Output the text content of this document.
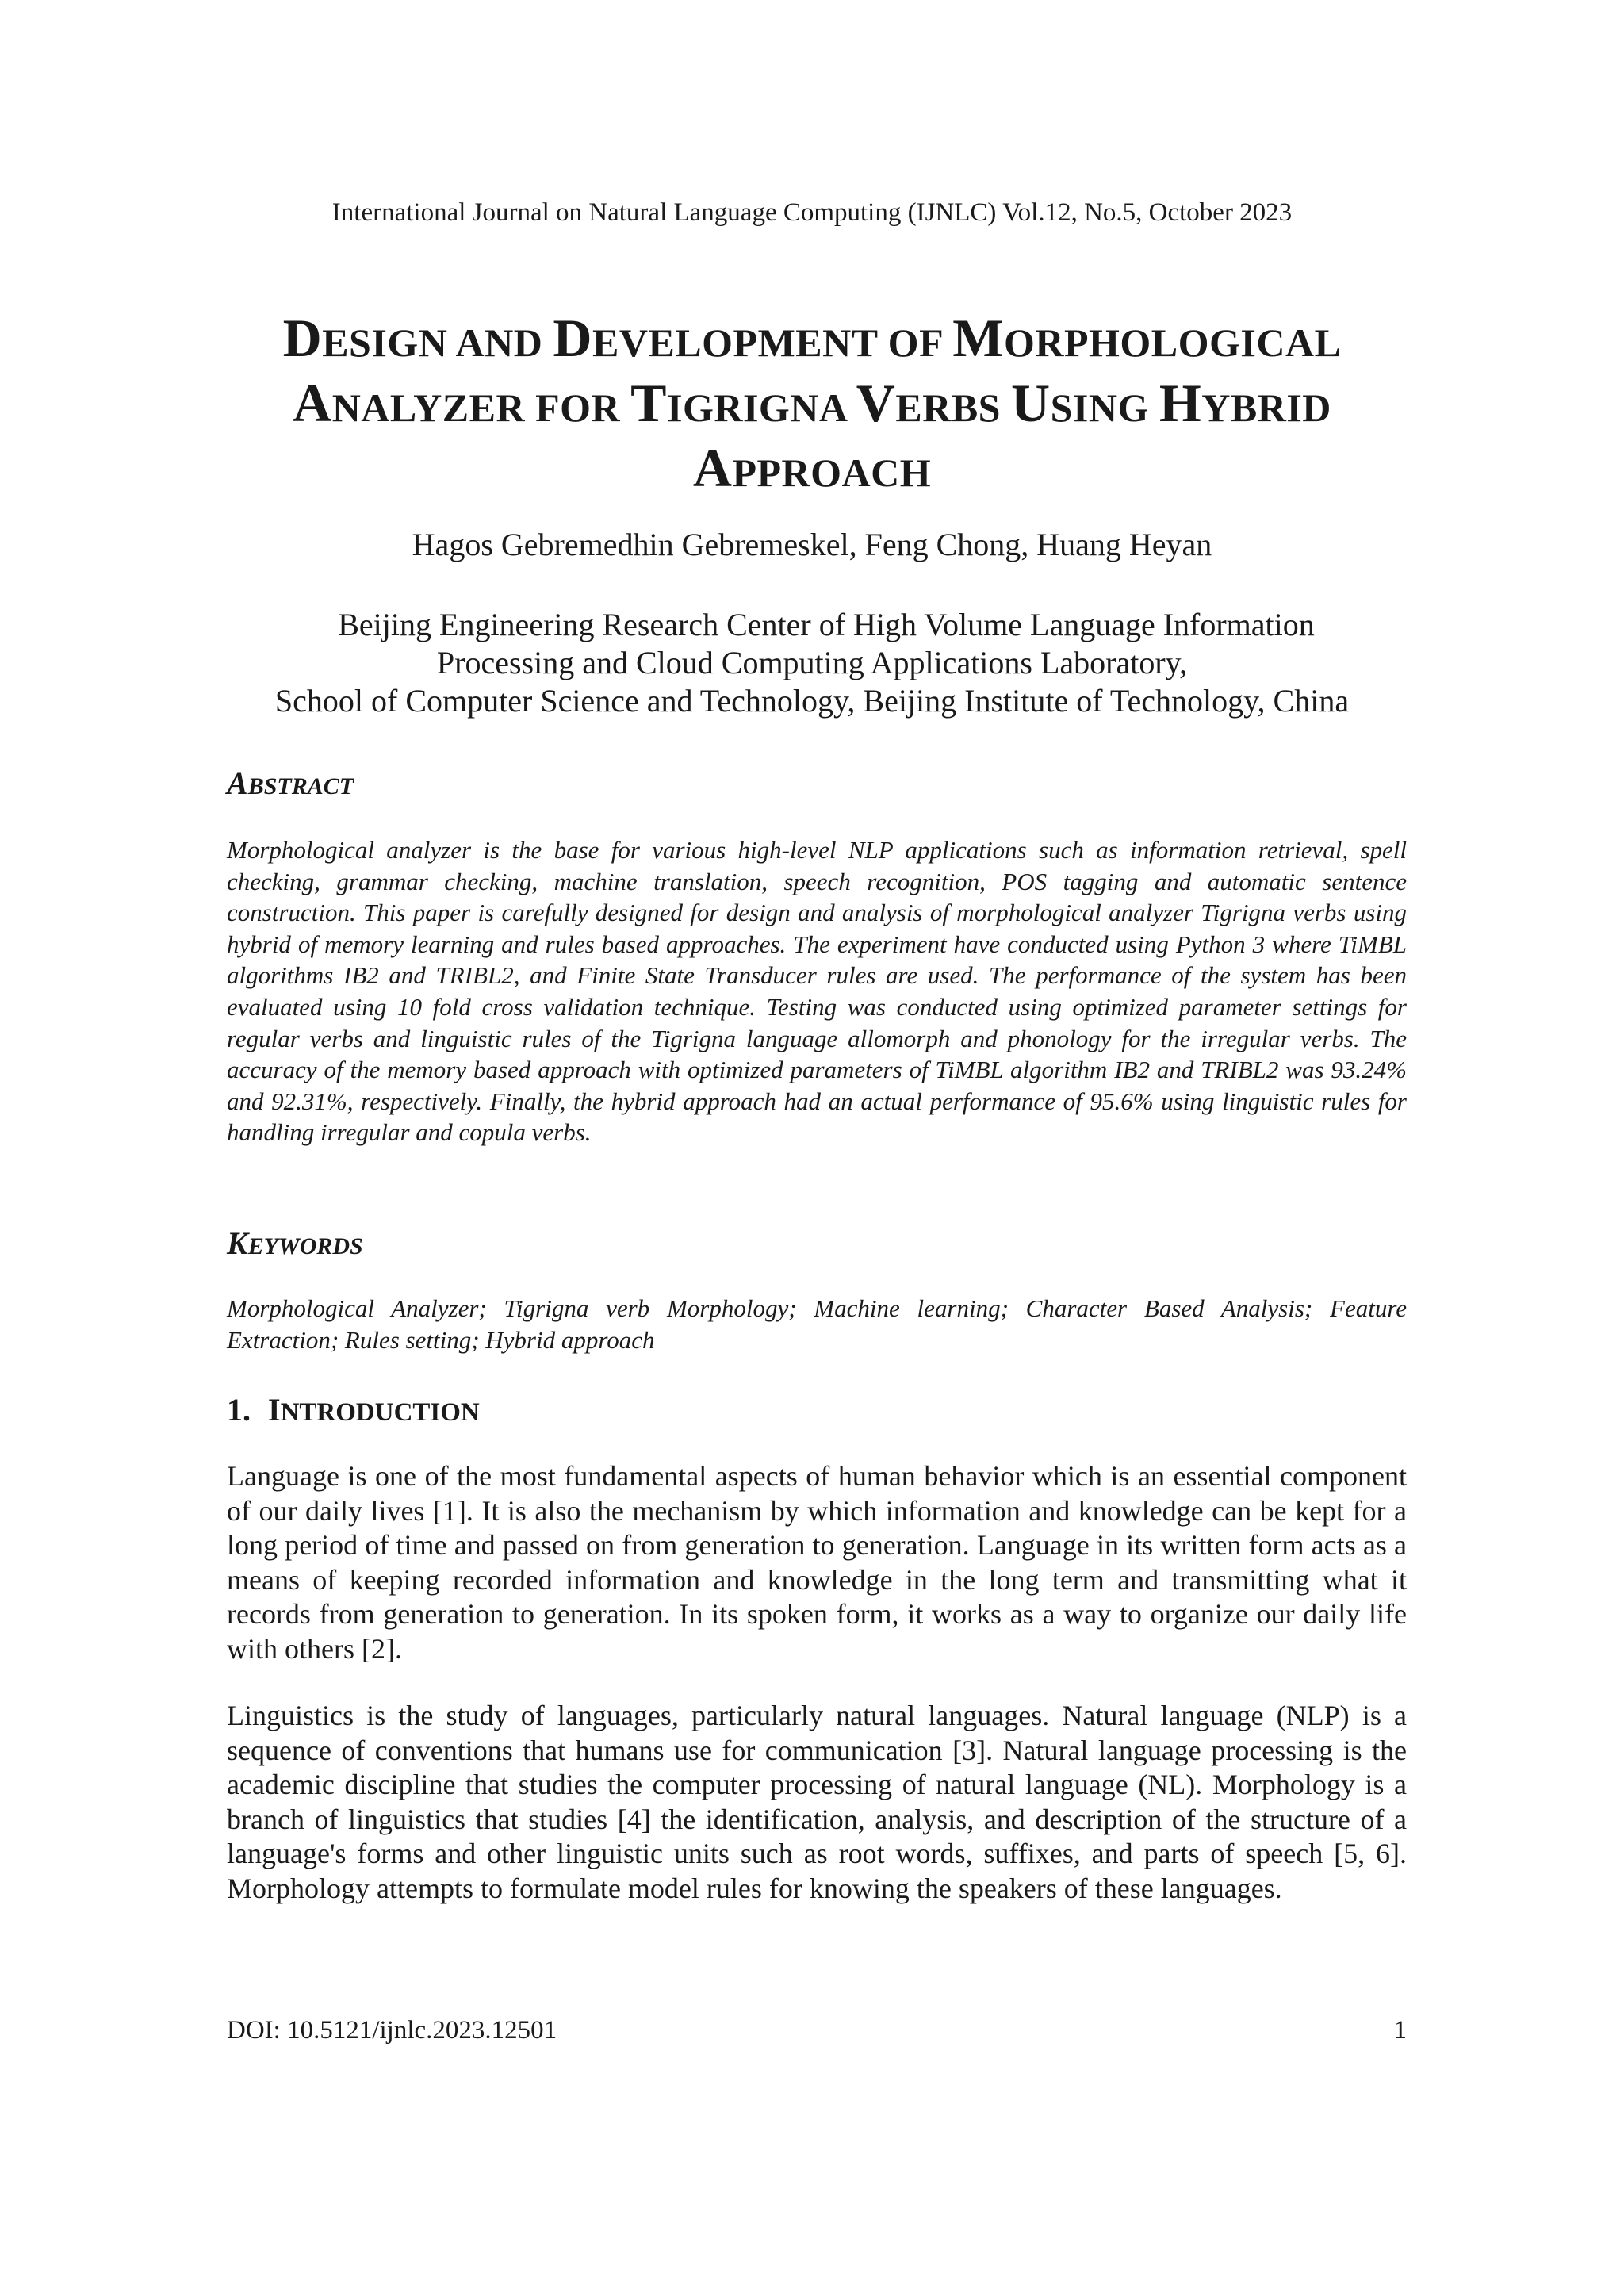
International Journal on Natural Language Computing (IJNLC) Vol.12, No.5, October 2023
DESIGN AND DEVELOPMENT OF MORPHOLOGICAL
ANALYZER FOR TIGRIGNA VERBS USING HYBRID
APPROACH
Hagos Gebremedhin Gebremeskel, Feng Chong, Huang Heyan
Beijing Engineering Research Center of High Volume Language Information
Processing and Cloud Computing Applications Laboratory,
School of Computer Science and Technology, Beijing Institute of Technology, China
ABSTRACT
Morphological analyzer is the base for various high-level NLP applications such as information retrieval, spell checking, grammar checking, machine translation, speech recognition, POS tagging and automatic sentence construction. This paper is carefully designed for design and analysis of morphological analyzer Tigrigna verbs using hybrid of memory learning and rules based approaches. The experiment have conducted using Python 3 where TiMBL algorithms IB2 and TRIBL2, and Finite State Transducer rules are used. The performance of the system has been evaluated using 10 fold cross validation technique. Testing was conducted using optimized parameter settings for regular verbs and linguistic rules of the Tigrigna language allomorph and phonology for the irregular verbs. The accuracy of the memory based approach with optimized parameters of TiMBL algorithm IB2 and TRIBL2 was 93.24% and 92.31%, respectively. Finally, the hybrid approach had an actual performance of 95.6% using linguistic rules for handling irregular and copula verbs.
KEYWORDS
Morphological Analyzer; Tigrigna verb Morphology; Machine learning; Character Based Analysis; Feature Extraction; Rules setting; Hybrid approach
1. INTRODUCTION
Language is one of the most fundamental aspects of human behavior which is an essential component of our daily lives [1]. It is also the mechanism by which information and knowledge can be kept for a long period of time and passed on from generation to generation. Language in its written form acts as a means of keeping recorded information and knowledge in the long term and transmitting what it records from generation to generation. In its spoken form, it works as a way to organize our daily life with others [2].
Linguistics is the study of languages, particularly natural languages. Natural language (NLP) is a sequence of conventions that humans use for communication [3]. Natural language processing is the academic discipline that studies the computer processing of natural language (NL). Morphology is a branch of linguistics that studies [4] the identification, analysis, and description of the structure of a language's forms and other linguistic units such as root words, suffixes, and parts of speech [5, 6]. Morphology attempts to formulate model rules for knowing the speakers of these languages.
DOI: 10.5121/ijnlc.2023.12501	1
